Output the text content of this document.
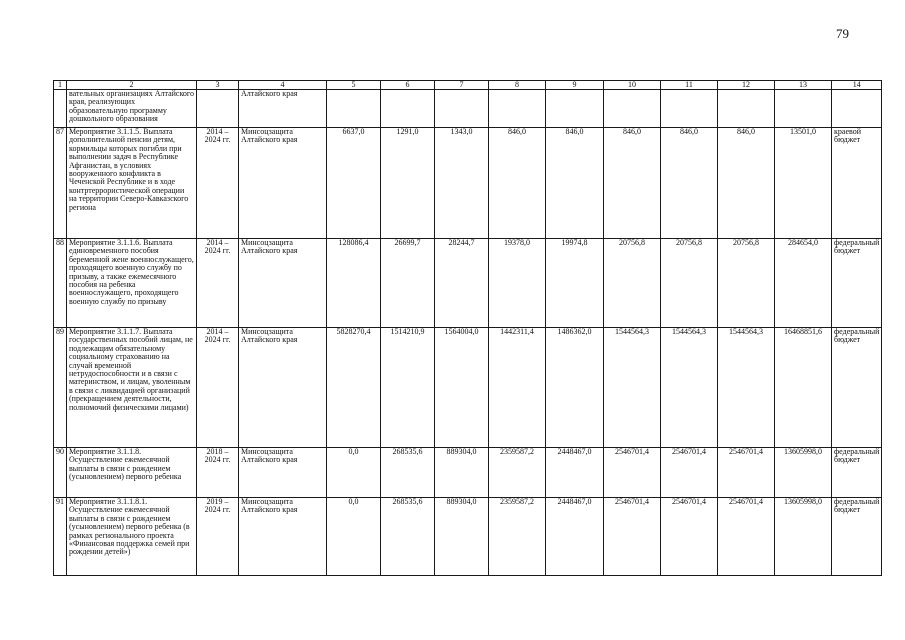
79
1	2	3	4	5	6	7	8	9	10	11	12	13	14
	вательных организациях Алтайского края, реализующих образовательную программу дошкольного образования		Алтайского края										
87	Мероприятие 3.1.1.5. Выплата дополнительной пенсии детям, кормильцы которых погибли при выполнении задач в Республике Афганистан, в условиях вооруженного конфликта в Чеченской Республике и в ходе контртеррористической операции на территории Северо-Кавказского региона	2014 – 2024 гг.	Минсоцзащита Алтайского края	6637,0	1291,0	1343,0	846,0	846,0	846,0	846,0	846,0	13501,0	краевой бюджет
88	Мероприятие 3.1.1.6. Выплата единовременного пособия беременной жене военнослужащего, проходящего военную службу по призыву, а также ежемесячного пособия на ребенка военнослужащего, проходящего военную службу по призыву	2014 – 2024 гг.	Минсоцзащита Алтайского края	128086,4	26699,7	28244,7	19378,0	19974,8	20756,8	20756,8	20756,8	284654,0	федеральный бюджет
89	Мероприятие 3.1.1.7. Выплата государственных пособий лицам, не подлежащим обязательному социальному страхованию на случай временной нетрудоспособности и в связи с материнством, и лицам, уволенным в связи с ликвидацией организаций (прекращением деятельности, полномочий физическими лицами)	2014 – 2024 гг.	Минсоцзащита Алтайского края	5828270,4	1514210,9	1564004,0	1442311,4	1486362,0	1544564,3	1544564,3	1544564,3	16468851,6	федеральный бюджет
90	Мероприятие 3.1.1.8. Осуществление ежемесячной выплаты в связи с рождением (усыновлением) первого ребенка	2018 – 2024 гг.	Минсоцзащита Алтайского края	0,0	268535,6	889304,0	2359587,2	2448467,0	2546701,4	2546701,4	2546701,4	13605998,0	федеральный бюджет
91	Мероприятие 3.1.1.8.1. Осуществление ежемесячной выплаты в связи с рождением (усыновлением) первого ребенка (в рамках регионального проекта «Финансовая поддержка семей при рождении детей»)	2019 – 2024 гг.	Минсоцзащита Алтайского края	0,0	268535,6	889304,0	2359587,2	2448467,0	2546701,4	2546701,4	2546701,4	13605998,0	федеральный бюджет
